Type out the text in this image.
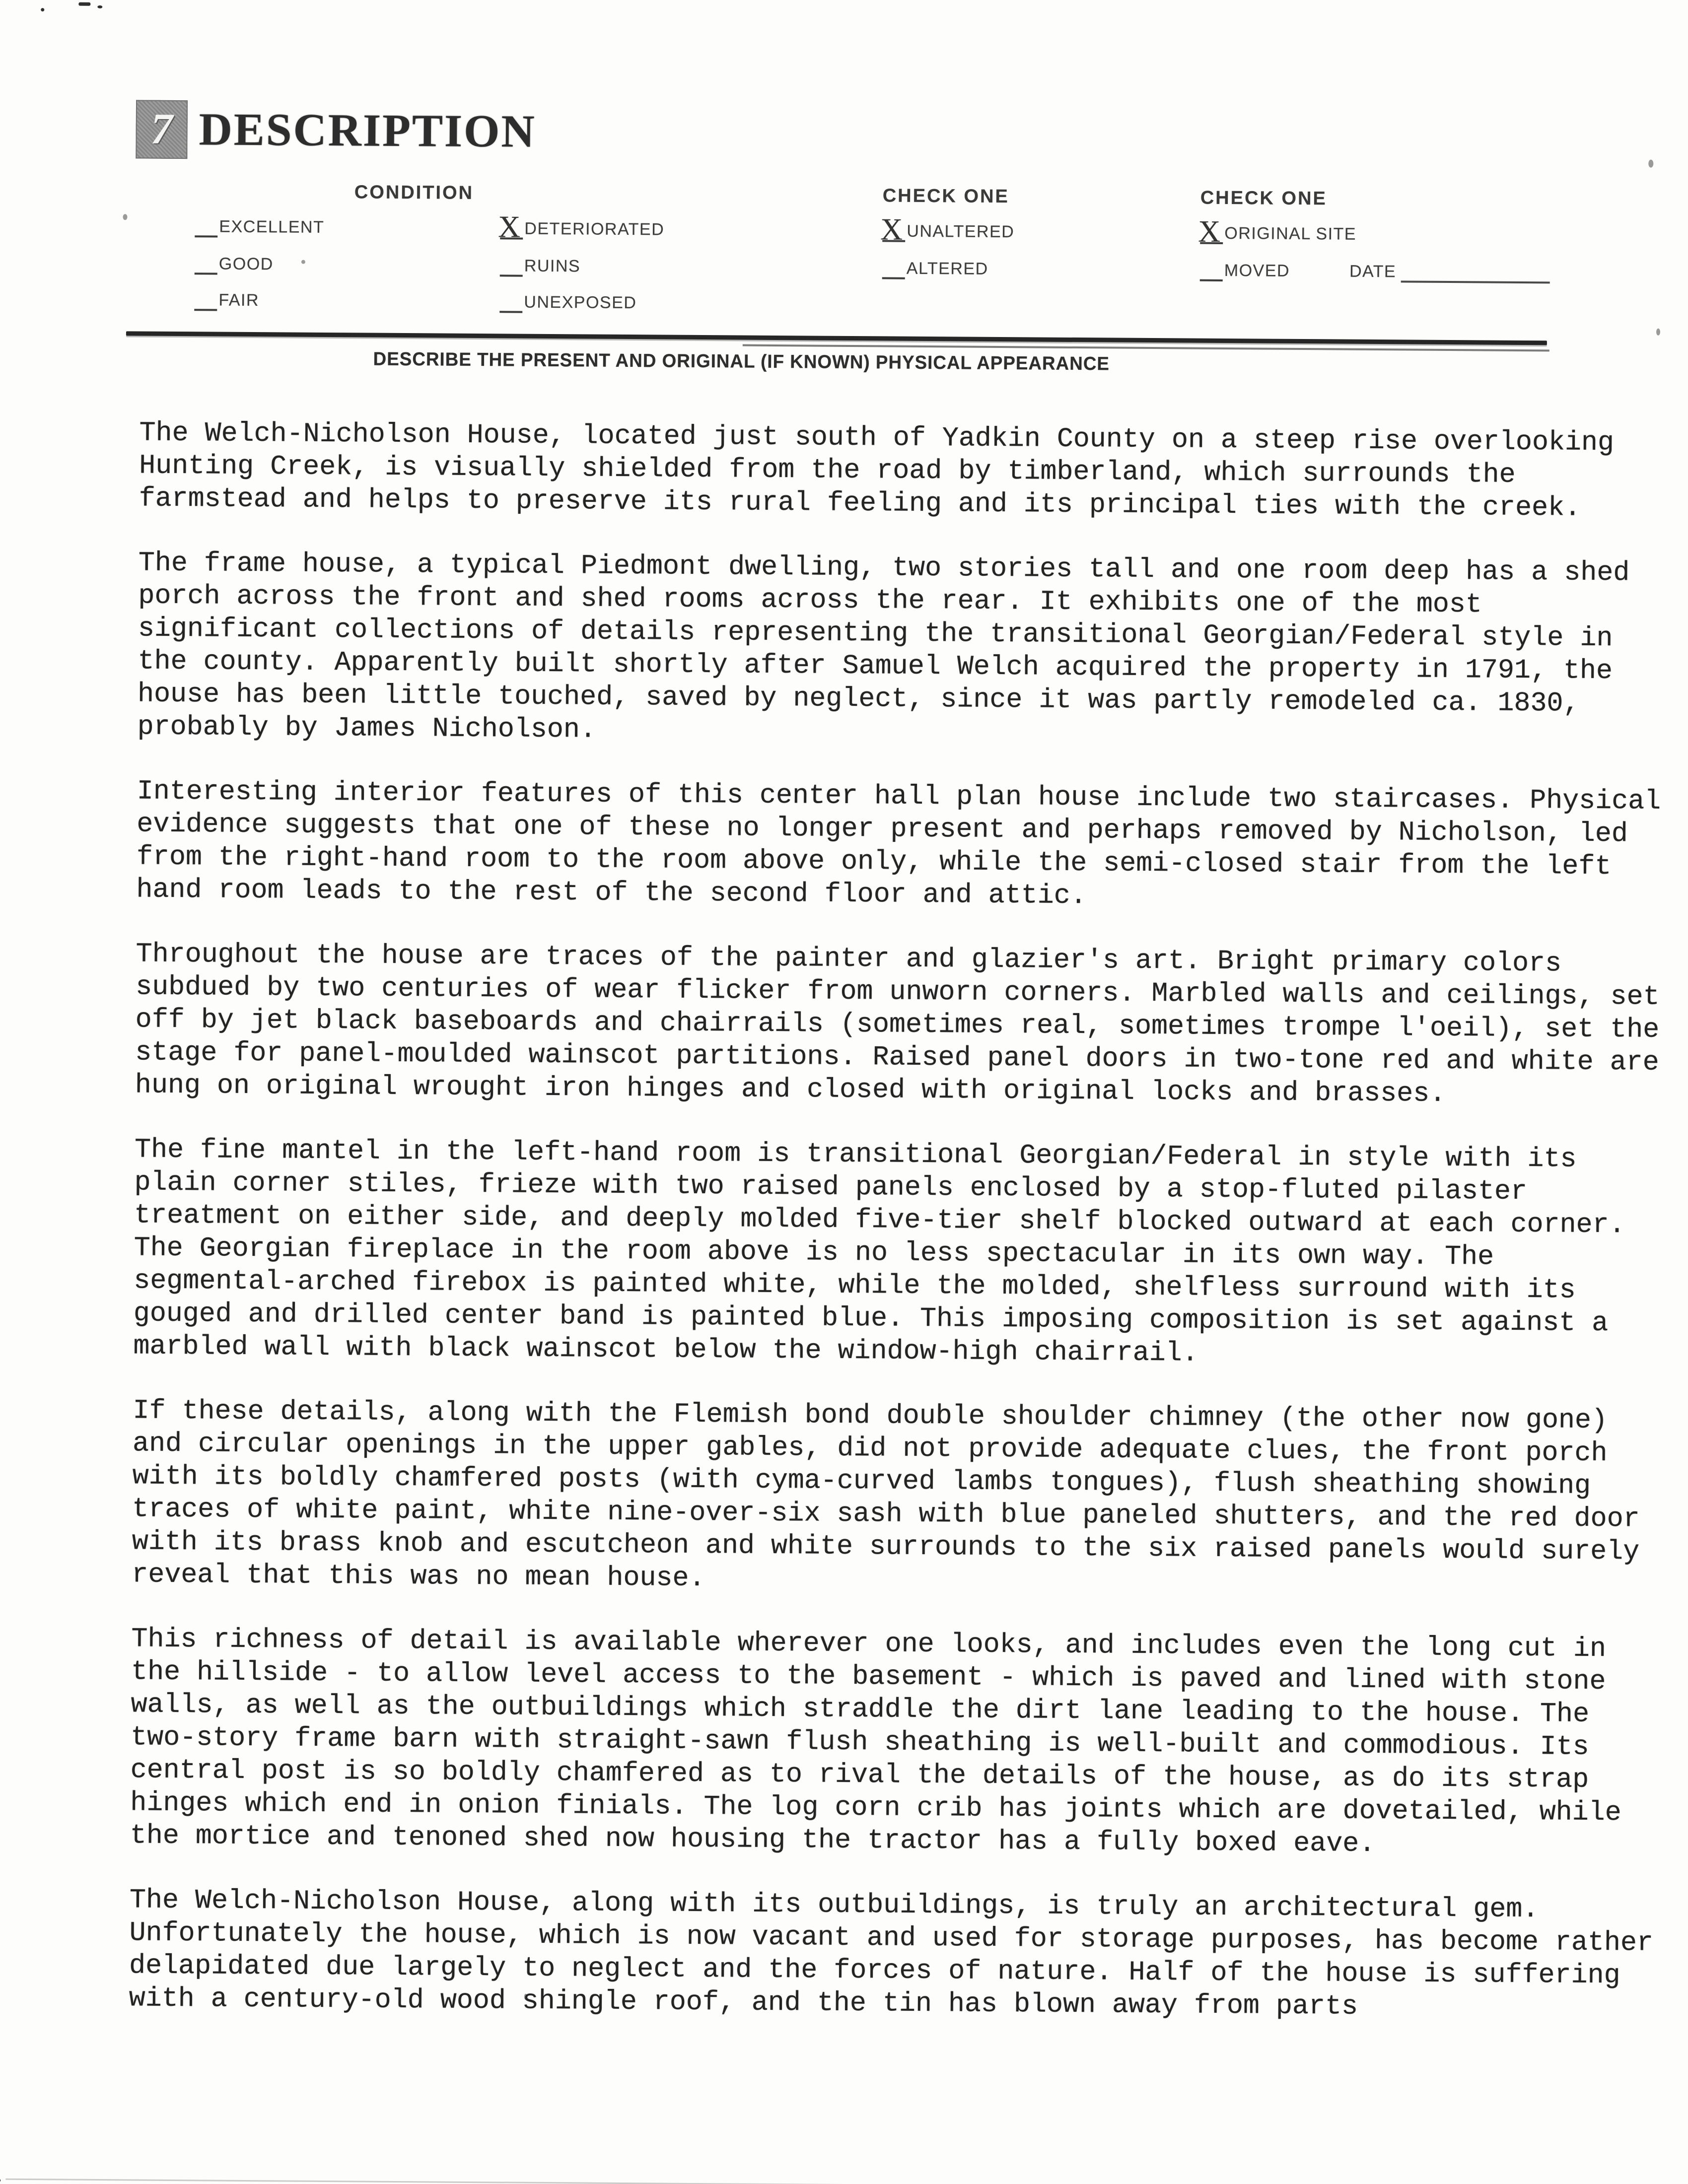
7 DESCRIPTION
CONDITION	CHECK ONE	CHECK ONE
EXCELLENT
GOOD
FAIR
X DETERIORATED
RUINS
UNEXPOSED
X UNALTERED
ALTERED
X ORIGINAL SITE
MOVED	DATE
DESCRIBE THE PRESENT AND ORIGINAL (IF KNOWN) PHYSICAL APPEARANCE

The Welch-Nicholson House, located just south of Yadkin County on a steep rise overlooking Hunting Creek, is visually shielded from the road by timberland, which surrounds the farmstead and helps to preserve its rural feeling and its principal ties with the creek.

The frame house, a typical Piedmont dwelling, two stories tall and one room deep has a shed porch across the front and shed rooms across the rear. It exhibits one of the most significant collections of details representing the transitional Georgian/Federal style in the county. Apparently built shortly after Samuel Welch acquired the property in 1791, the house has been little touched, saved by neglect, since it was partly remodeled ca. 1830, probably by James Nicholson.

Interesting interior features of this center hall plan house include two staircases. Physical evidence suggests that one of these no longer present and perhaps removed by Nicholson, led from the right-hand room to the room above only, while the semi-closed stair from the left hand room leads to the rest of the second floor and attic.

Throughout the house are traces of the painter and glazier's art. Bright primary colors subdued by two centuries of wear flicker from unworn corners. Marbled walls and ceilings, set off by jet black baseboards and chairrails (sometimes real, sometimes trompe l'oeil), set the stage for panel-moulded wainscot partitions. Raised panel doors in two-tone red and white are hung on original wrought iron hinges and closed with original locks and brasses.

The fine mantel in the left-hand room is transitional Georgian/Federal in style with its plain corner stiles, frieze with two raised panels enclosed by a stop-fluted pilaster treatment on either side, and deeply molded five-tier shelf blocked outward at each corner. The Georgian fireplace in the room above is no less spectacular in its own way. The segmental-arched firebox is painted white, while the molded, shelfless surround with its gouged and drilled center band is painted blue. This imposing composition is set against a marbled wall with black wainscot below the window-high chairrail.

If these details, along with the Flemish bond double shoulder chimney (the other now gone) and circular openings in the upper gables, did not provide adequate clues, the front porch with its boldly chamfered posts (with cyma-curved lambs tongues), flush sheathing showing traces of white paint, white nine-over-six sash with blue paneled shutters, and the red door with its brass knob and escutcheon and white surrounds to the six raised panels would surely reveal that this was no mean house.

This richness of detail is available wherever one looks, and includes even the long cut in the hillside - to allow level access to the basement - which is paved and lined with stone walls, as well as the outbuildings which straddle the dirt lane leading to the house. The two-story frame barn with straight-sawn flush sheathing is well-built and commodious. Its central post is so boldly chamfered as to rival the details of the house, as do its strap hinges which end in onion finials. The log corn crib has joints which are dovetailed, while the mortice and tenoned shed now housing the tractor has a fully boxed eave.

The Welch-Nicholson House, along with its outbuildings, is truly an architectural gem. Unfortunately the house, which is now vacant and used for storage purposes, has become rather delapidated due largely to neglect and the forces of nature. Half of the house is suffering with a century-old wood shingle roof, and the tin has blown away from parts
